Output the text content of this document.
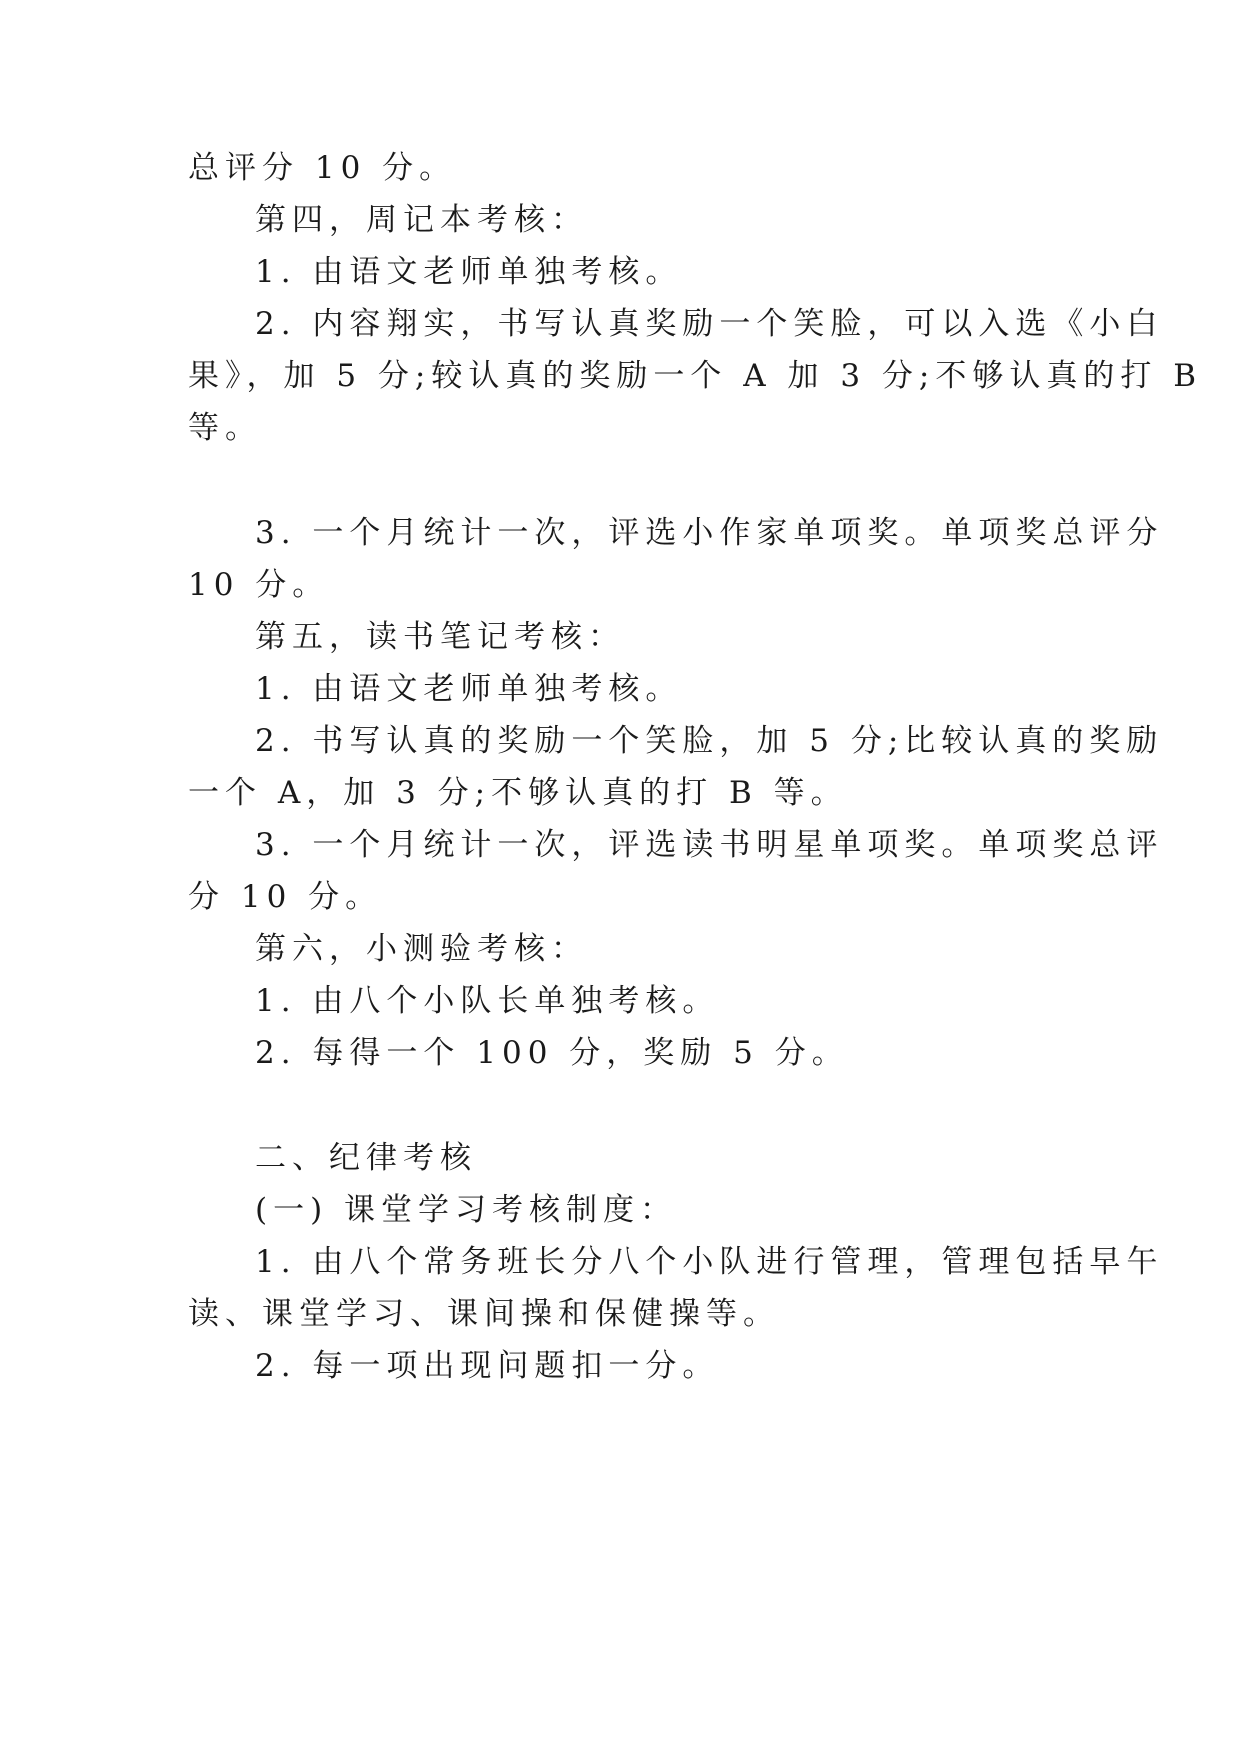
总评分 10 分。
第四，周记本考核：
1. 由语文老师单独考核。
2. 内容翔实，书写认真奖励一个笑脸，可以入选《小白
果》，加 5 分;较认真的奖励一个 A 加 3 分;不够认真的打 B
等。
3. 一个月统计一次，评选小作家单项奖。单项奖总评分
10 分。
第五，读书笔记考核：
1. 由语文老师单独考核。
2. 书写认真的奖励一个笑脸，加 5 分;比较认真的奖励
一个 A，加 3 分;不够认真的打 B 等。
3. 一个月统计一次，评选读书明星单项奖。单项奖总评
分 10 分。
第六，小测验考核：
1. 由八个小队长单独考核。
2. 每得一个 100 分，奖励 5 分。
二、纪律考核
(一) 课堂学习考核制度：
1. 由八个常务班长分八个小队进行管理，管理包括早午
读、课堂学习、课间操和保健操等。
2. 每一项出现问题扣一分。
